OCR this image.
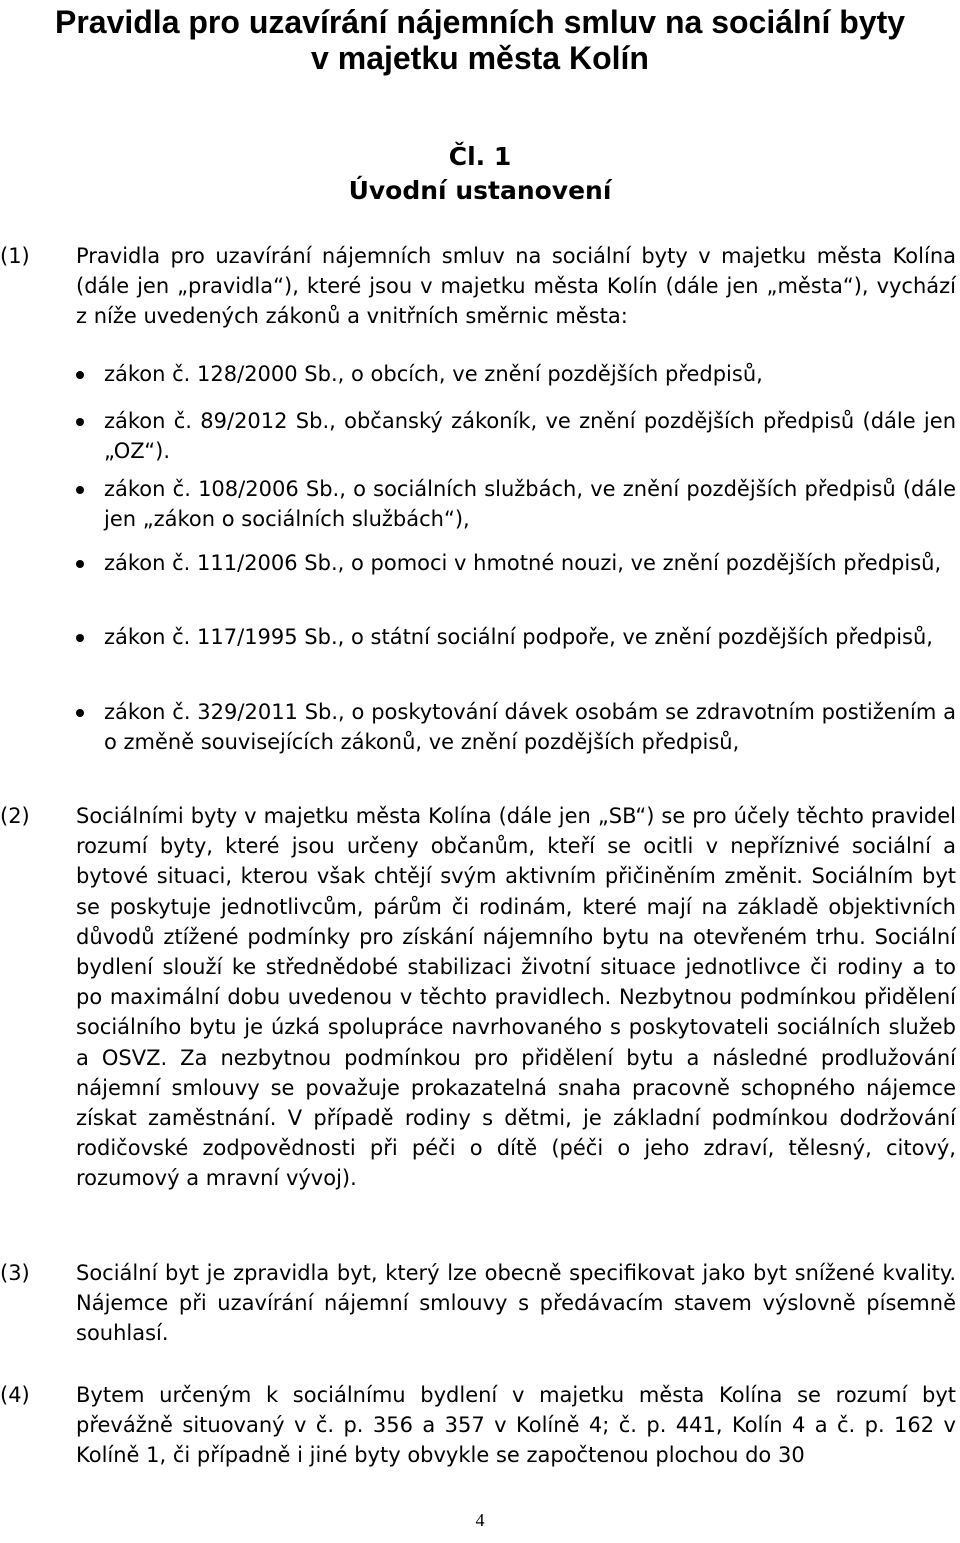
Pravidla pro uzavírání nájemních smluv na sociální byty
v majetku města Kolín
Čl. 1
Úvodní ustanovení
(1) Pravidla pro uzavírání nájemních smluv na sociální byty v majetku města Kolína (dále jen „pravidla“), které jsou v majetku města Kolín (dále jen „města“), vychází z níže uvedených zákonů a vnitřních směrnic města:
zákon č. 128/2000 Sb., o obcích, ve znění pozdějších předpisů,
zákon č. 89/2012 Sb., občanský zákoník, ve znění pozdějších předpisů (dále jen „OZ“).
zákon č. 108/2006 Sb., o sociálních službách, ve znění pozdějších předpisů (dále jen „zákon o sociálních službách“),
zákon č. 111/2006 Sb., o pomoci v hmotné nouzi, ve znění pozdějších předpisů,
zákon č. 117/1995 Sb., o státní sociální podpoře, ve znění pozdějších předpisů,
zákon č. 329/2011 Sb., o poskytování dávek osobám se zdravotním postižením a o změně souvisejících zákonů, ve znění pozdějších předpisů,
(2) Sociálními byty v majetku města Kolína (dále jen „SB“) se pro účely těchto pravidel rozumí byty, které jsou určeny občanům, kteří se ocitli v nepříznivé sociální a bytové situaci, kterou však chtějí svým aktivním přičiněním změnit. Sociálním byt se poskytuje jednotlivcům, párům či rodinám, které mají na základě objektivních důvodů ztížené podmínky pro získání nájemního bytu na otevřeném trhu. Sociální bydlení slouží ke střednědobé stabilizaci životní situace jednotlivce či rodiny a to po maximální dobu uvedenou v těchto pravidlech. Nezbytnou podmínkou přidělení sociálního bytu je úzká spolupráce navrhovaného s poskytovateli sociálních služeb a OSVZ. Za nezbytnou podmínkou pro přidělení bytu a následné prodlužování nájemní smlouvy se považuje prokazatelná snaha pracovně schopného nájemce získat zaměstnání. V případě rodiny s dětmi, je základní podmínkou dodržování rodičovské zodpovědnosti při péči o dítě (péči o jeho zdraví, tělesný, citový, rozumový a mravní vývoj).
(3) Sociální byt je zpravidla byt, který lze obecně specifikovat jako byt snížené kvality. Nájemce při uzavírání nájemní smlouvy s předávacím stavem výslovně písemně souhlasí.
(4) Bytem určeným k sociálnímu bydlení v majetku města Kolína se rozumí byt převážně situovaný v č. p. 356 a 357 v Kolíně 4; č. p. 441, Kolín 4 a č. p. 162 v Kolíně 1, či případně i jiné byty obvykle se započtenou plochou do 30
4
